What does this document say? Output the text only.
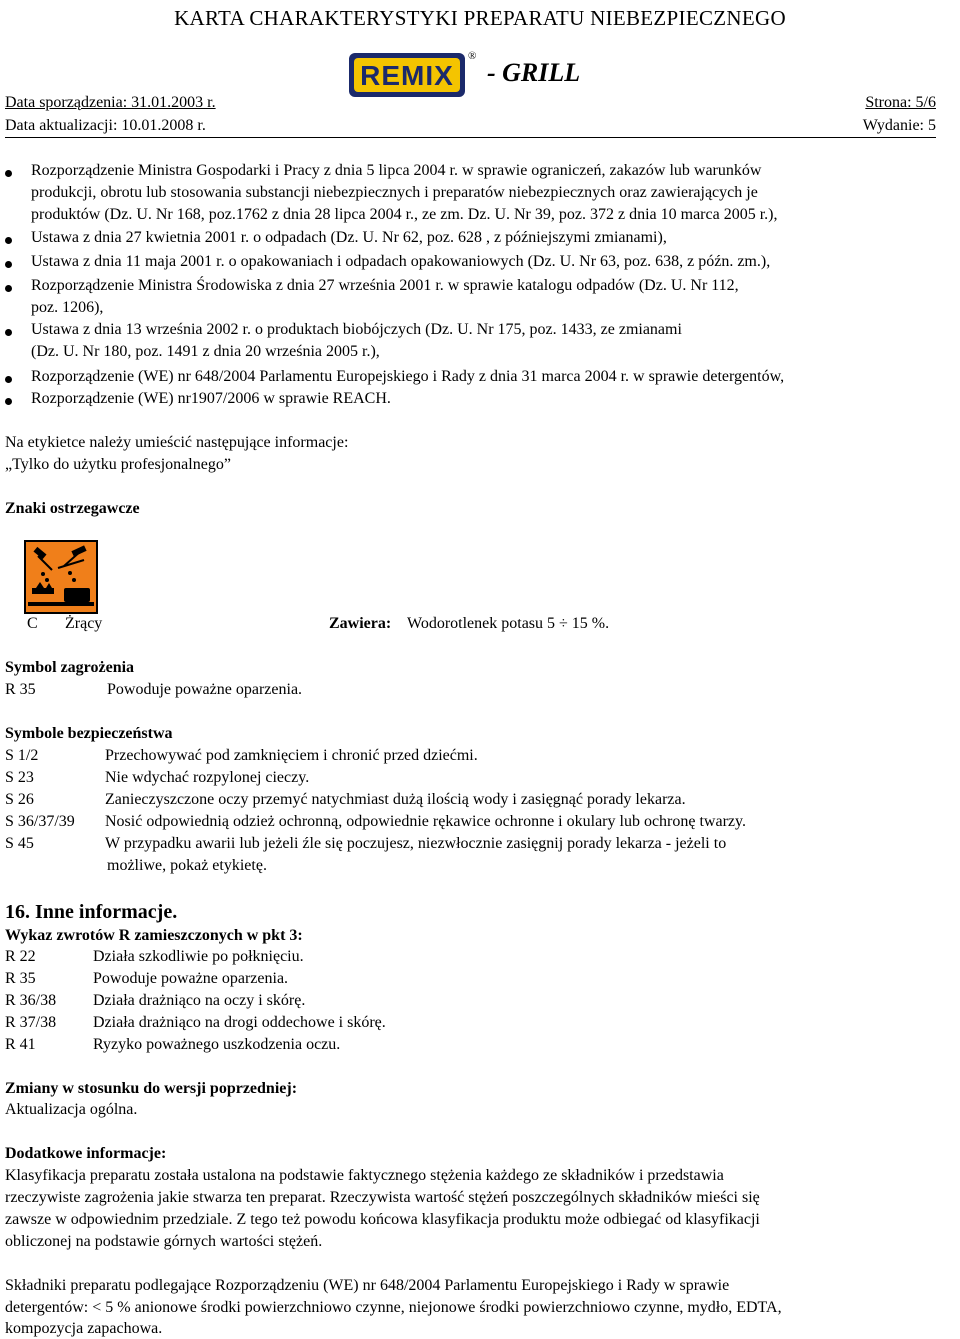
KARTA CHARAKTERYSTYKI PREPARATU NIEBEZPIECZNEGO
REMIX
®
- GRILL
Data sporządzenia: 31.01.2003 r.	Strona: 5/6
Data aktualizacji: 10.01.2008 r.	Wydanie: 5
Rozporządzenie Ministra Gospodarki i Pracy z dnia 5 lipca 2004 r. w sprawie ograniczeń, zakazów lub warunków
produkcji, obrotu lub stosowania substancji niebezpiecznych i preparatów niebezpiecznych oraz zawierających je
produktów (Dz. U. Nr 168, poz.1762 z dnia 28 lipca 2004 r., ze zm. Dz. U. Nr 39, poz. 372 z dnia 10 marca 2005 r.),
Ustawa z dnia 27 kwietnia 2001 r. o odpadach (Dz. U. Nr 62, poz. 628 , z późniejszymi zmianami),
Ustawa z dnia 11 maja 2001 r. o opakowaniach i odpadach opakowaniowych (Dz. U. Nr 63, poz. 638, z późn. zm.),
Rozporządzenie Ministra Środowiska z dnia 27 września 2001 r. w sprawie katalogu odpadów (Dz. U. Nr 112,
poz. 1206),
Ustawa z dnia 13 września 2002 r. o produktach biobójczych (Dz. U. Nr 175, poz. 1433, ze zmianami
(Dz. U. Nr 180, poz. 1491 z dnia 20 września 2005 r.),
Rozporządzenie (WE) nr 648/2004 Parlamentu Europejskiego i Rady z dnia 31 marca 2004 r. w sprawie detergentów,
Rozporządzenie (WE) nr1907/2006 w sprawie REACH.
Na etykietce należy umieścić następujące informacje:
„Tylko do użytku profesjonalnego”
Znaki ostrzegawcze
C Żrący	Zawiera: Wodorotlenek potasu 5 ÷ 15 %.
Symbol zagrożenia
R 35	Powoduje poważne oparzenia.
Symbole bezpieczeństwa
S 1/2	Przechowywać pod zamknięciem i chronić przed dziećmi.
S 23	Nie wdychać rozpylonej cieczy.
S 26	Zanieczyszczone oczy przemyć natychmiast dużą ilością wody i zasięgnąć porady lekarza.
S 36/37/39 Nosić odpowiednią odzież ochronną, odpowiednie rękawice ochronne i okulary lub ochronę twarzy.
S 45	W przypadku awarii lub jeżeli źle się poczujesz, niezwłocznie zasięgnij porady lekarza - jeżeli to
możliwe, pokaż etykietę.
16. Inne informacje.
Wykaz zwrotów R zamieszczonych w pkt 3:
R 22	Działa szkodliwie po połknięciu.
R 35	Powoduje poważne oparzenia.
R 36/38 Działa drażniąco na oczy i skórę.
R 37/38 Działa drażniąco na drogi oddechowe i skórę.
R 41	Ryzyko poważnego uszkodzenia oczu.
Zmiany w stosunku do wersji poprzedniej:
Aktualizacja ogólna.
Dodatkowe informacje:
Klasyfikacja preparatu została ustalona na podstawie faktycznego stężenia każdego ze składników i przedstawia
rzeczywiste zagrożenia jakie stwarza ten preparat. Rzeczywista wartość stężeń poszczególnych składników mieści się
zawsze w odpowiednim przedziale. Z tego też powodu końcowa klasyfikacja produktu może odbiegać od klasyfikacji
obliczonej na podstawie górnych wartości stężeń.
Składniki preparatu podlegające Rozporządzeniu (WE) nr 648/2004 Parlamentu Europejskiego i Rady w sprawie
detergentów: < 5 % anionowe środki powierzchniowo czynne, niejonowe środki powierzchniowo czynne, mydło, EDTA,
kompozycja zapachowa.
